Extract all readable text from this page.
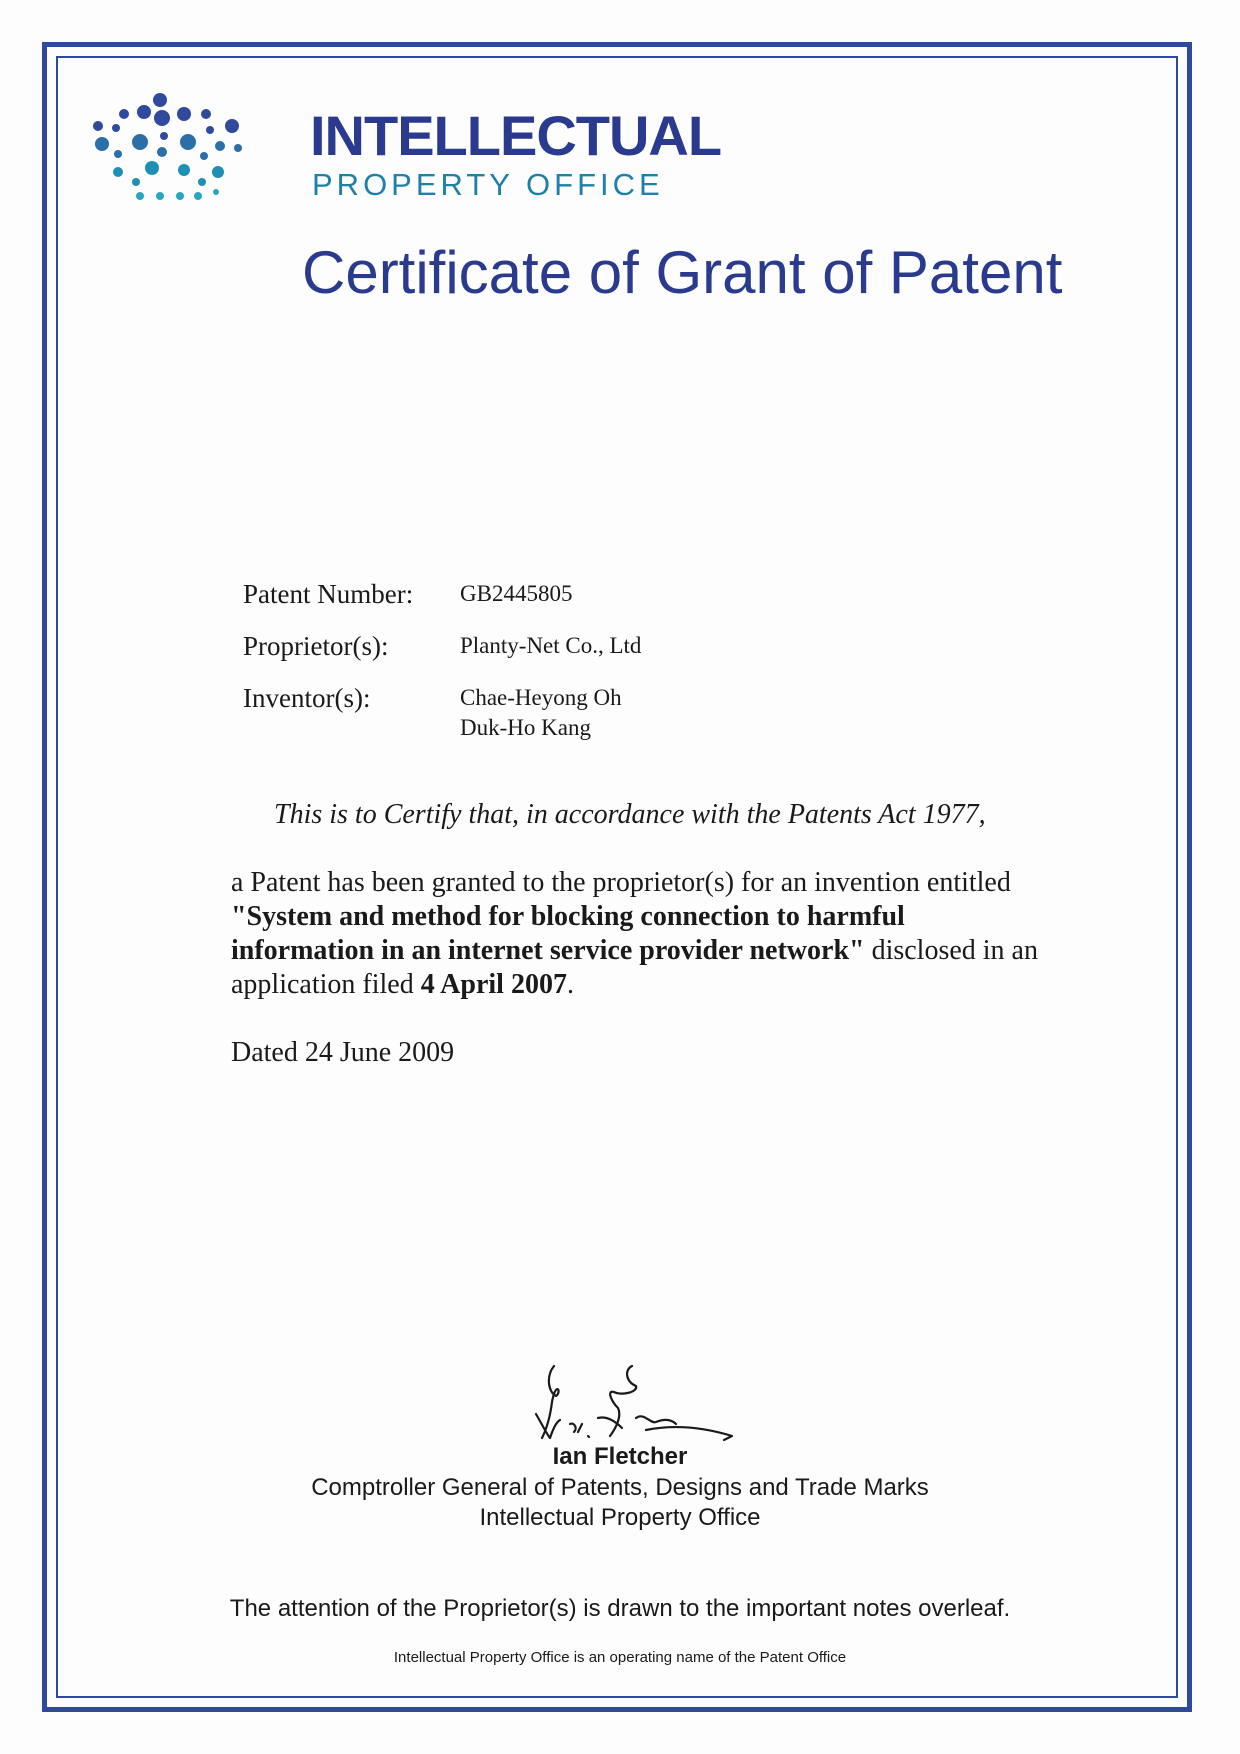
INTELLECTUAL
PROPERTY OFFICE
Certificate of Grant of Patent
Patent Number:	GB2445805
Proprietor(s):	Planty-Net Co., Ltd
Inventor(s):	Chae-Heyong Oh
Duk-Ho Kang
This is to Certify that, in accordance with the Patents Act 1977,

a Patent has been granted to the proprietor(s) for an invention entitled "System and method for blocking connection to harmful information in an internet service provider network" disclosed in an application filed 4 April 2007.

Dated 24 June 2009
Ian Fletcher
Comptroller General of Patents, Designs and Trade Marks
Intellectual Property Office
The attention of the Proprietor(s) is drawn to the important notes overleaf.
Intellectual Property Office is an operating name of the Patent Office
